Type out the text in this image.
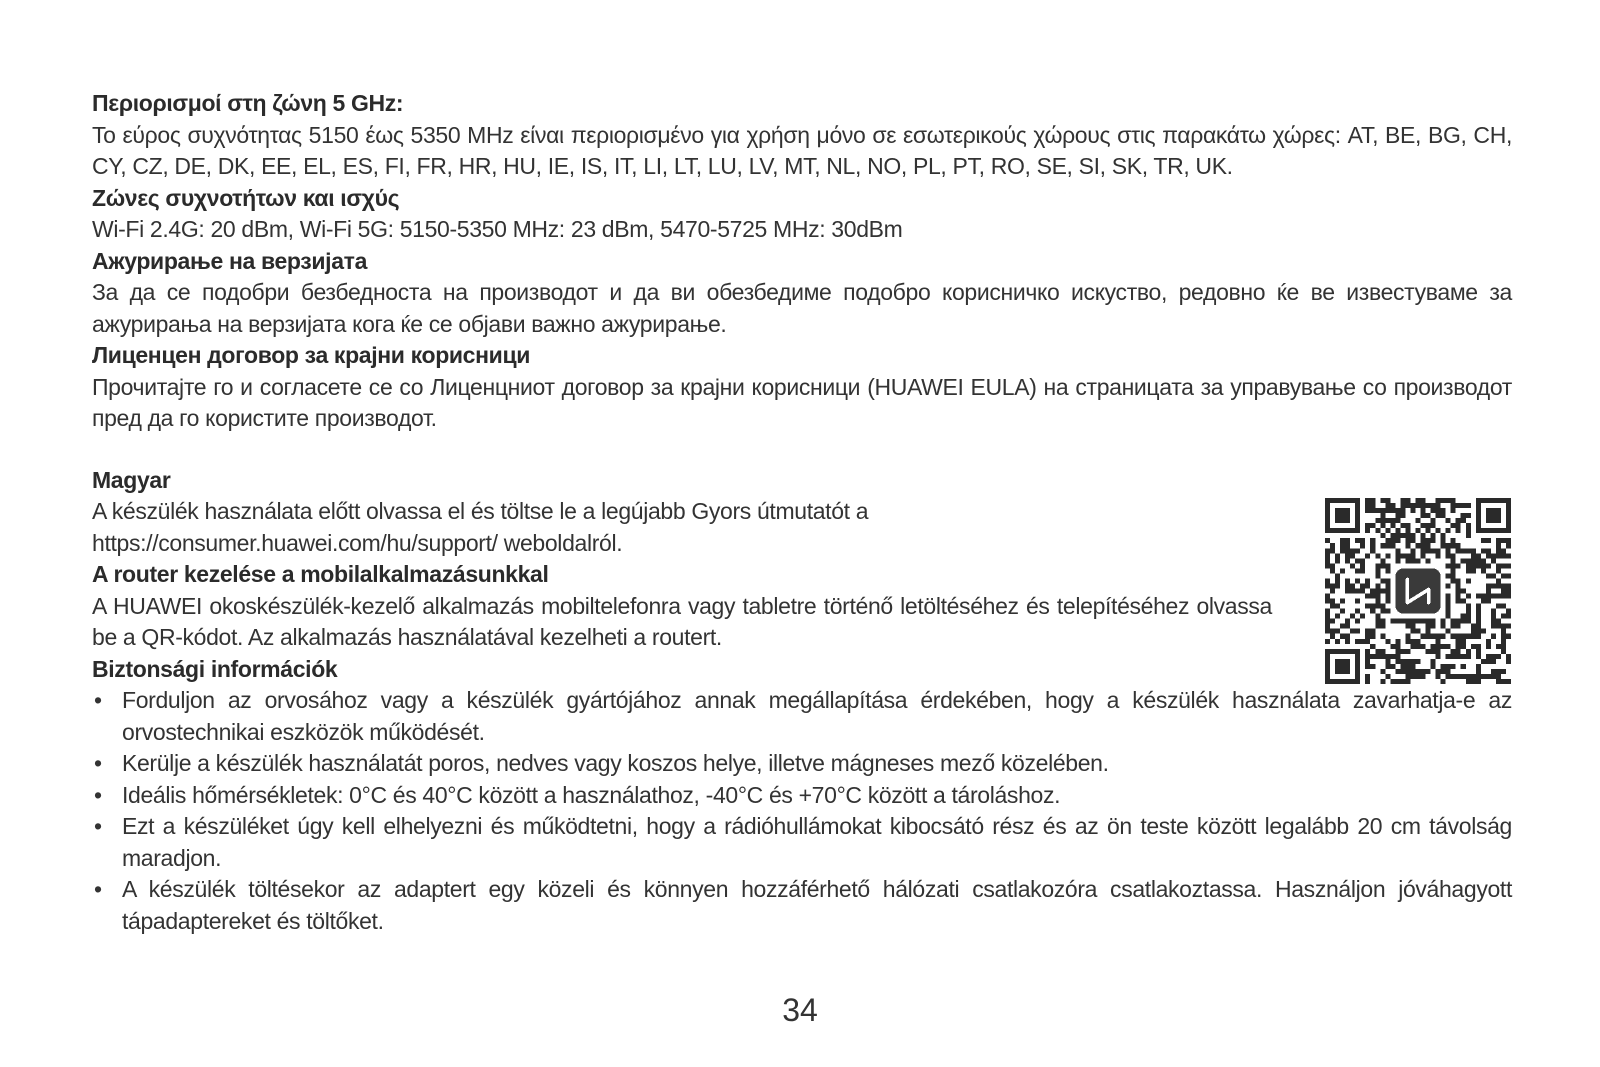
Περιορισμοί στη ζώνη 5 GHz:

Το εύρος συχνότητας 5150 έως 5350 MHz είναι περιορισμένο για χρήση μόνο σε εσωτερικούς χώρους στις παρακάτω χώρες: AT, BE, BG, CH, CY, CZ, DE, DK, EE, EL, ES, FI, FR, HR, HU, IE, IS, IT, LI, LT, LU, LV, MT, NL, NO, PL, PT, RO, SE, SI, SK, TR, UK.

Ζώνες συχνοτήτων και ισχύς

Wi-Fi 2.4G: 20 dBm, Wi-Fi 5G: 5150-5350 MHz: 23 dBm, 5470-5725 MHz: 30dBm

Ажурирање на верзијата

За да се подобри безбедноста на производот и да ви обезбедиме подобро корисничко искуство, редовно ќе ве известуваме за ажурирања на верзијата кога ќе се објави важно ажурирање.

Лиценцен договор за крајни корисници

Прочитајте го и согласете се со Лиценцниот договор за крајни корисници (HUAWEI EULA) на страницата за управување со производот пред да го користите производот.

Magyar
A készülék használata előtt olvassa el és töltse le a legújabb Gyors útmutatót a
https://consumer.huawei.com/hu/support/ weboldalról.
A router kezelése a mobilalkalmazásunkkal

A HUAWEI okoskészülék-kezelő alkalmazás mobiltelefonra vagy tabletre történő letöltéséhez és telepítéséhez olvassa be a QR-kódot. Az alkalmazás használatával kezelheti a routert.

Biztonsági információk
• Forduljon az orvosához vagy a készülék gyártójához annak megállapítása érdekében, hogy a készülék használata zavarhatja-e az orvostechnikai eszközök működését.
• Kerülje a készülék használatát poros, nedves vagy koszos helye, illetve mágneses mező közelében.
• Ideális hőmérsékletek: 0°C és 40°C között a használathoz, -40°C és +70°C között a tároláshoz.
• Ezt a készüléket úgy kell elhelyezni és működtetni, hogy a rádióhullámokat kibocsátó rész és az ön teste között legalább 20 cm távolság maradjon.
• A készülék töltésekor az adaptert egy közeli és könnyen hozzáférhető hálózati csatlakozóra csatlakoztassa. Használjon jóváhagyott tápadaptereket és töltőket.
34
